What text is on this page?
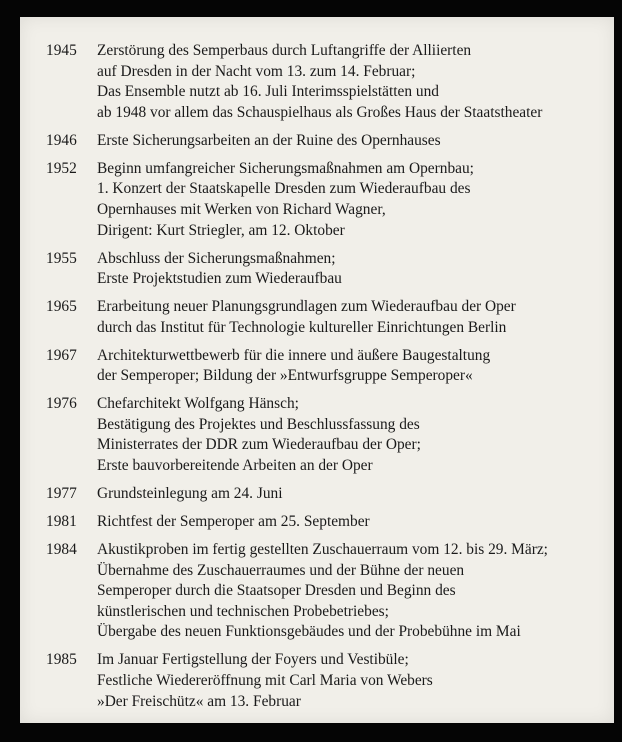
1945	Zerstörung des Semperbaus durch Luftangriffe der Alliierten
auf Dresden in der Nacht vom 13. zum 14. Februar;
Das Ensemble nutzt ab 16. Juli Interimsspielstätten und
ab 1948 vor allem das Schauspielhaus als Großes Haus der Staatstheater
1946	Erste Sicherungsarbeiten an der Ruine des Opernhauses
1952	Beginn umfangreicher Sicherungsmaßnahmen am Opernbau;
1. Konzert der Staatskapelle Dresden zum Wiederaufbau des
Opernhauses mit Werken von Richard Wagner,
Dirigent: Kurt Striegler, am 12. Oktober
1955	Abschluss der Sicherungsmaßnahmen;
Erste Projektstudien zum Wiederaufbau
1965	Erarbeitung neuer Planungsgrundlagen zum Wiederaufbau der Oper
durch das Institut für Technologie kultureller Einrichtungen Berlin
1967	Architekturwettbewerb für die innere und äußere Baugestaltung
der Semperoper; Bildung der »Entwurfsgruppe Semperoper«
1976	Chefarchitekt Wolfgang Hänsch;
Bestätigung des Projektes und Beschlussfassung des
Ministerrates der DDR zum Wiederaufbau der Oper;
Erste bauvorbereitende Arbeiten an der Oper
1977	Grundsteinlegung am 24. Juni
1981	Richtfest der Semperoper am 25. September
1984	Akustikproben im fertig gestellten Zuschauerraum vom 12. bis 29. März;
Übernahme des Zuschauerraumes und der Bühne der neuen
Semperoper durch die Staatsoper Dresden und Beginn des
künstlerischen und technischen Probebetriebes;
Übergabe des neuen Funktionsgebäudes und der Probebühne im Mai
1985	Im Januar Fertigstellung der Foyers und Vestibüle;
Festliche Wiedereröffnung mit Carl Maria von Webers
»Der Freischütz« am 13. Februar
